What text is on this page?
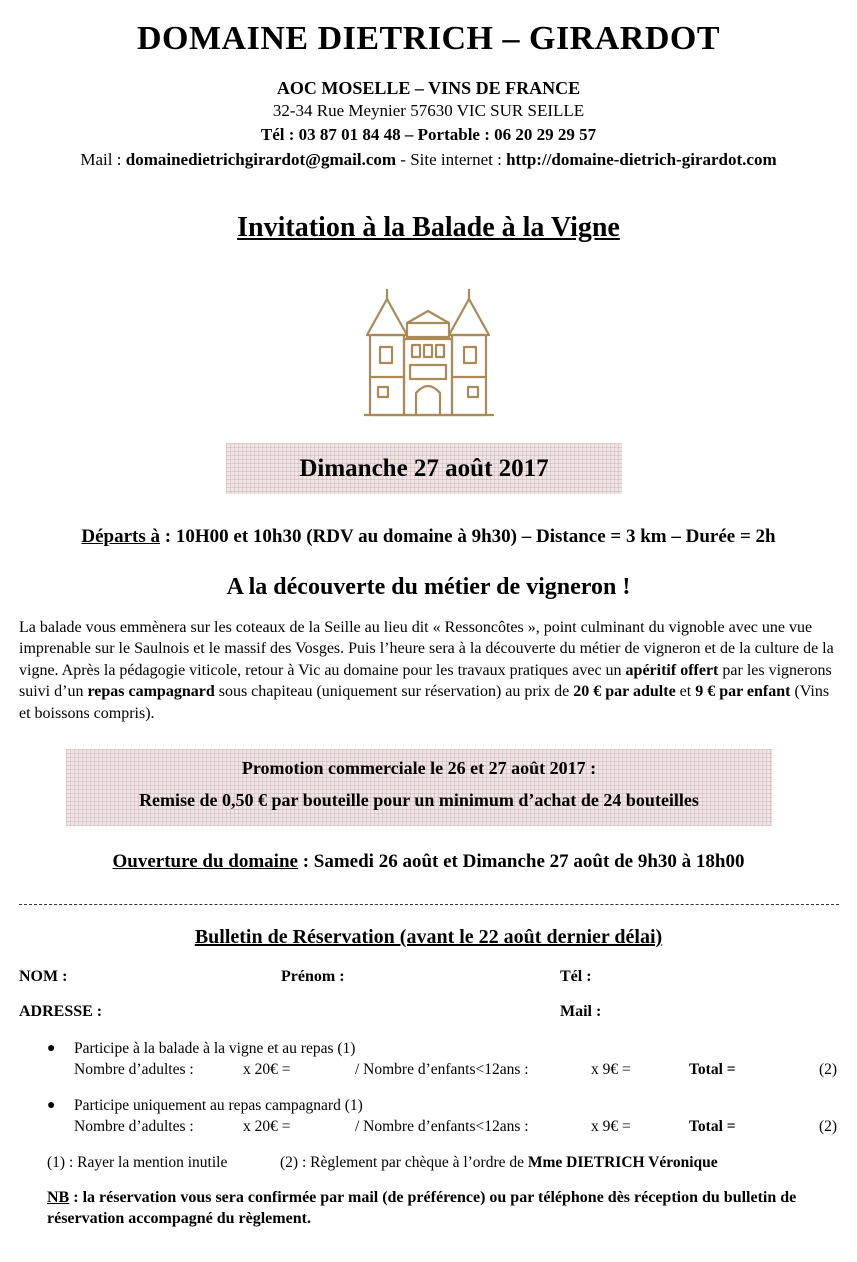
DOMAINE DIETRICH – GIRARDOT
AOC MOSELLE – VINS DE FRANCE
32-34 Rue Meynier 57630 VIC SUR SEILLE
Tél : 03 87 01 84 48 – Portable : 06 20 29 29 57
Mail : domainedietrichgirardot@gmail.com - Site internet : http://domaine-dietrich-girardot.com
Invitation à la Balade à la Vigne
Dimanche 27 août 2017
Départs à : 10H00 et 10h30 (RDV au domaine à 9h30) – Distance = 3 km – Durée = 2h
A la découverte du métier de vigneron !
La balade vous emmènera sur les coteaux de la Seille au lieu dit « Ressoncôtes », point culminant du vignoble avec une vue imprenable sur le Saulnois et le massif des Vosges. Puis l’heure sera à la découverte du métier de vigneron et de la culture de la vigne. Après la pédagogie viticole, retour à Vic au domaine pour les travaux pratiques avec un apéritif offert par les vignerons suivi d’un repas campagnard sous chapiteau (uniquement sur réservation) au prix de 20 € par adulte et 9 € par enfant (Vins et boissons compris).
Promotion commerciale le 26 et 27 août 2017 :
Remise de 0,50 € par bouteille pour un minimum d’achat de 24 bouteilles
Ouverture du domaine : Samedi 26 août et Dimanche 27 août de 9h30 à 18h00
Bulletin de Réservation (avant le 22 août dernier délai)
NOM :	Prénom :	Tél :
ADRESSE :	Mail :
● Participe à la balade à la vigne et au repas (1)
Nombre d’adultes :	x 20€ =	/ Nombre d’enfants<12ans :	x 9€ =	Total =	(2)
● Participe uniquement au repas campagnard (1)
Nombre d’adultes :	x 20€ =	/ Nombre d’enfants<12ans :	x 9€ =	Total =	(2)
(1) : Rayer la mention inutile	(2) : Règlement par chèque à l’ordre de Mme DIETRICH Véronique
NB : la réservation vous sera confirmée par mail (de préférence) ou par téléphone dès réception du bulletin de réservation accompagné du règlement.
